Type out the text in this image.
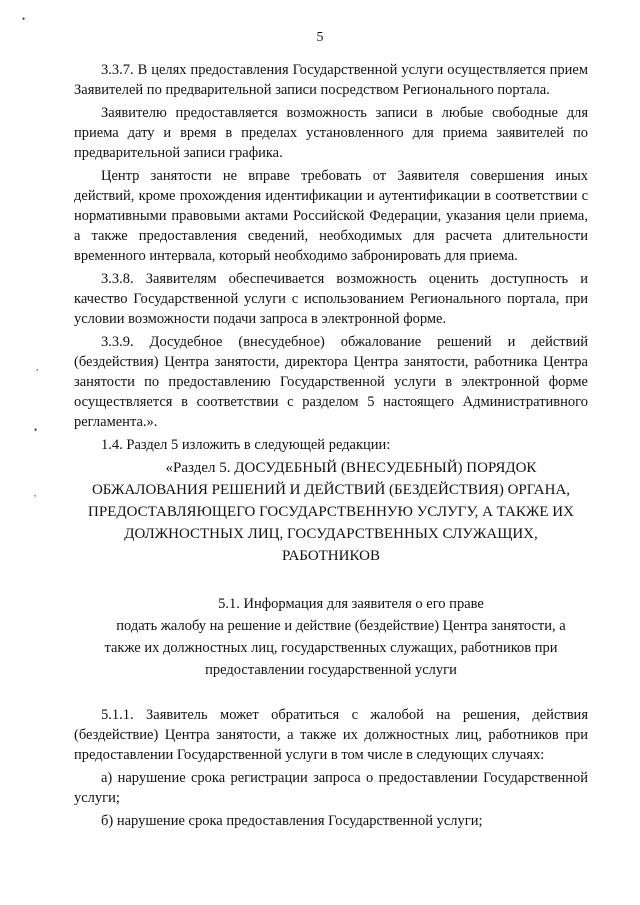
5
•
,
•
,

3.3.7. В целях предоставления Государственной услуги осуществляется прием Заявителей по предварительной записи посредством Регионального портала.

Заявителю предоставляется возможность записи в любые свободные для приема дату и время в пределах установленного для приема заявителей по предварительной записи графика.

Центр занятости не вправе требовать от Заявителя совершения иных действий, кроме прохождения идентификации и аутентификации в соответствии с нормативными правовыми актами Российской Федерации, указания цели приема, а также предоставления сведений, необходимых для расчета длительности временного интервала, который необходимо забронировать для приема.

3.3.8. Заявителям обеспечивается возможность оценить доступность и качество Государственной услуги с использованием Регионального портала, при условии возможности подачи запроса в электронной форме.

3.3.9. Досудебное (внесудебное) обжалование решений и действий (бездействия) Центра занятости, директора Центра занятости, работника Центра занятости по предоставлению Государственной услуги в электронной форме осуществляется в соответствии с разделом 5 настоящего Административного регламента.».

1.4. Раздел 5 изложить в следующей редакции:

«Раздел 5. ДОСУДЕБНЫЙ (ВНЕСУДЕБНЫЙ) ПОРЯДОК
ОБЖАЛОВАНИЯ РЕШЕНИЙ И ДЕЙСТВИЙ (БЕЗДЕЙСТВИЯ) ОРГАНА,
ПРЕДОСТАВЛЯЮЩЕГО ГОСУДАРСТВЕННУЮ УСЛУГУ, А ТАКЖЕ ИХ
ДОЛЖНОСТНЫХ ЛИЦ, ГОСУДАРСТВЕННЫХ СЛУЖАЩИХ,
РАБОТНИКОВ
5.1. Информация для заявителя о его праве
подать жалобу на решение и действие (бездействие) Центра занятости, а
также их должностных лиц, государственных служащих, работников при
предоставлении государственной услуги

5.1.1. Заявитель может обратиться с жалобой на решения, действия (бездействие) Центра занятости, а также их должностных лиц, работников при предоставлении Государственной услуги в том числе в следующих случаях:

а) нарушение срока регистрации запроса о предоставлении Государственной услуги;

б) нарушение срока предоставления Государственной услуги;
